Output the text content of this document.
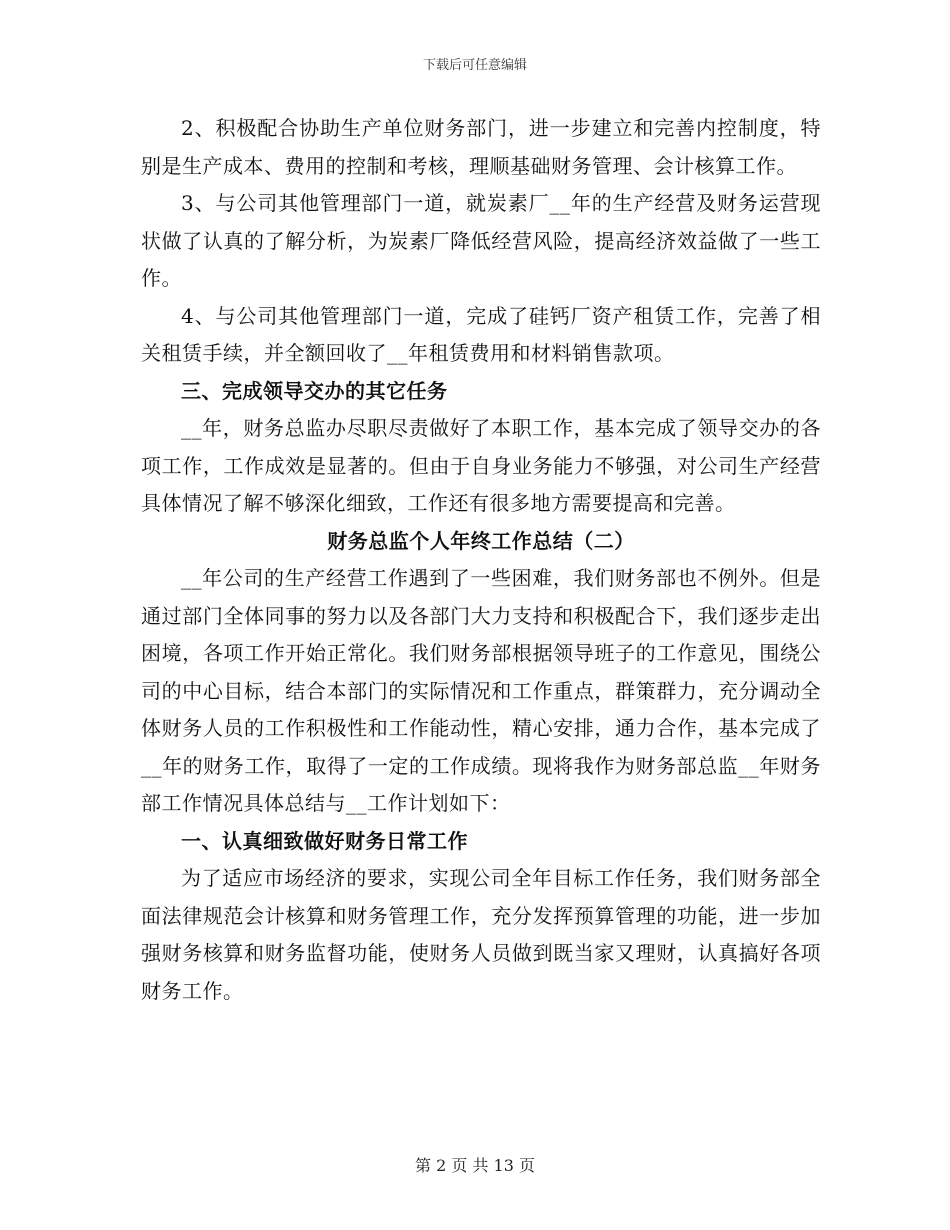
下载后可任意编辑

2、积极配合协助生产单位财务部门，进一步建立和完善内控制度，特别是生产成本、费用的控制和考核，理顺基础财务管理、会计核算工作。

3、与公司其他管理部门一道，就炭素厂__年的生产经营及财务运营现状做了认真的了解分析，为炭素厂降低经营风险，提高经济效益做了一些工作。

4、与公司其他管理部门一道，完成了硅钙厂资产租赁工作，完善了相关租赁手续，并全额回收了__年租赁费用和材料销售款项。

三、完成领导交办的其它任务

__年，财务总监办尽职尽责做好了本职工作，基本完成了领导交办的各项工作，工作成效是显著的。但由于自身业务能力不够强，对公司生产经营具体情况了解不够深化细致，工作还有很多地方需要提高和完善。

财务总监个人年终工作总结（二）

__年公司的生产经营工作遇到了一些困难，我们财务部也不例外。但是通过部门全体同事的努力以及各部门大力支持和积极配合下，我们逐步走出困境，各项工作开始正常化。我们财务部根据领导班子的工作意见，围绕公司的中心目标，结合本部门的实际情况和工作重点，群策群力，充分调动全体财务人员的工作积极性和工作能动性，精心安排，通力合作，基本完成了__年的财务工作，取得了一定的工作成绩。现将我作为财务部总监__年财务部工作情况具体总结与__工作计划如下：

一、认真细致做好财务日常工作

为了适应市场经济的要求，实现公司全年目标工作任务，我们财务部全面法律规范会计核算和财务管理工作，充分发挥预算管理的功能，进一步加强财务核算和财务监督功能，使财务人员做到既当家又理财，认真搞好各项财务工作。

第 2 页 共 13 页
